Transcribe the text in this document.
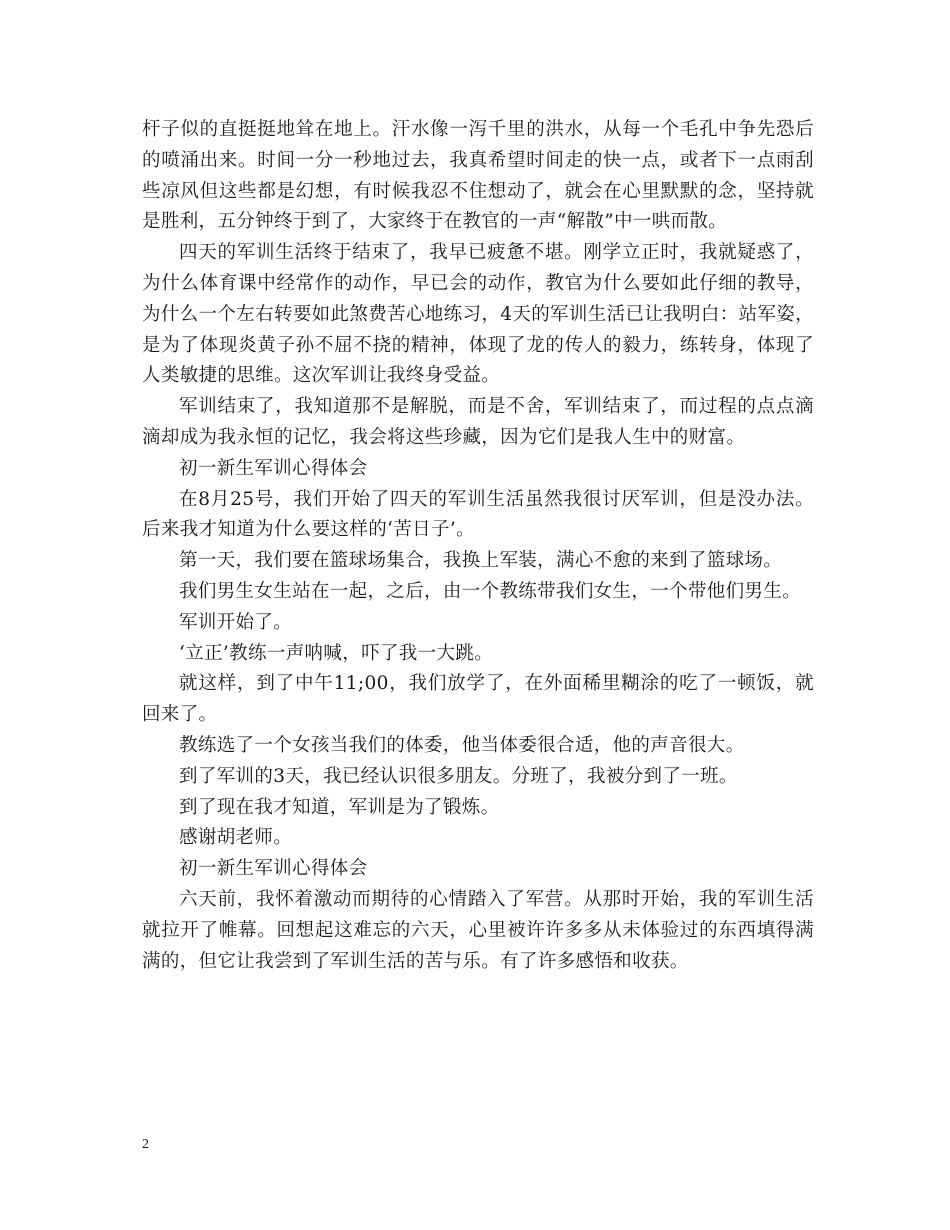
杆子似的直挺挺地耸在地上。汗水像一泻千里的洪水，从每一个毛孔中争先恐后的喷涌出来。时间一分一秒地过去，我真希望时间走的快一点，或者下一点雨刮些凉风但这些都是幻想，有时候我忍不住想动了，就会在心里默默的念，坚持就是胜利，五分钟终于到了，大家终于在教官的一声“解散”中一哄而散。

四天的军训生活终于结束了，我早已疲惫不堪。刚学立正时，我就疑惑了，为什么体育课中经常作的动作，早已会的动作，教官为什么要如此仔细的教导，为什么一个左右转要如此煞费苦心地练习，4天的军训生活已让我明白：站军姿，是为了体现炎黄子孙不屈不挠的精神，体现了龙的传人的毅力，练转身，体现了人类敏捷的思维。这次军训让我终身受益。

军训结束了，我知道那不是解脱，而是不舍，军训结束了，而过程的点点滴滴却成为我永恒的记忆，我会将这些珍藏，因为它们是我人生中的财富。

初一新生军训心得体会

在8月25号，我们开始了四天的军训生活虽然我很讨厌军训，但是没办法。后来我才知道为什么要这样的‘苦日子’。

第一天，我们要在篮球场集合，我换上军装，满心不愈的来到了篮球场。

我们男生女生站在一起，之后，由一个教练带我们女生，一个带他们男生。

军训开始了。

‘立正’教练一声呐喊，吓了我一大跳。

就这样，到了中午11;00，我们放学了，在外面稀里糊涂的吃了一顿饭，就回来了。

教练选了一个女孩当我们的体委，他当体委很合适，他的声音很大。

到了军训的3天，我已经认识很多朋友。分班了，我被分到了一班。

到了现在我才知道，军训是为了锻炼。

感谢胡老师。

初一新生军训心得体会

六天前，我怀着激动而期待的心情踏入了军营。从那时开始，我的军训生活就拉开了帷幕。回想起这难忘的六天，心里被许许多多从未体验过的东西填得满满的，但它让我尝到了军训生活的苦与乐。有了许多感悟和收获。

2
